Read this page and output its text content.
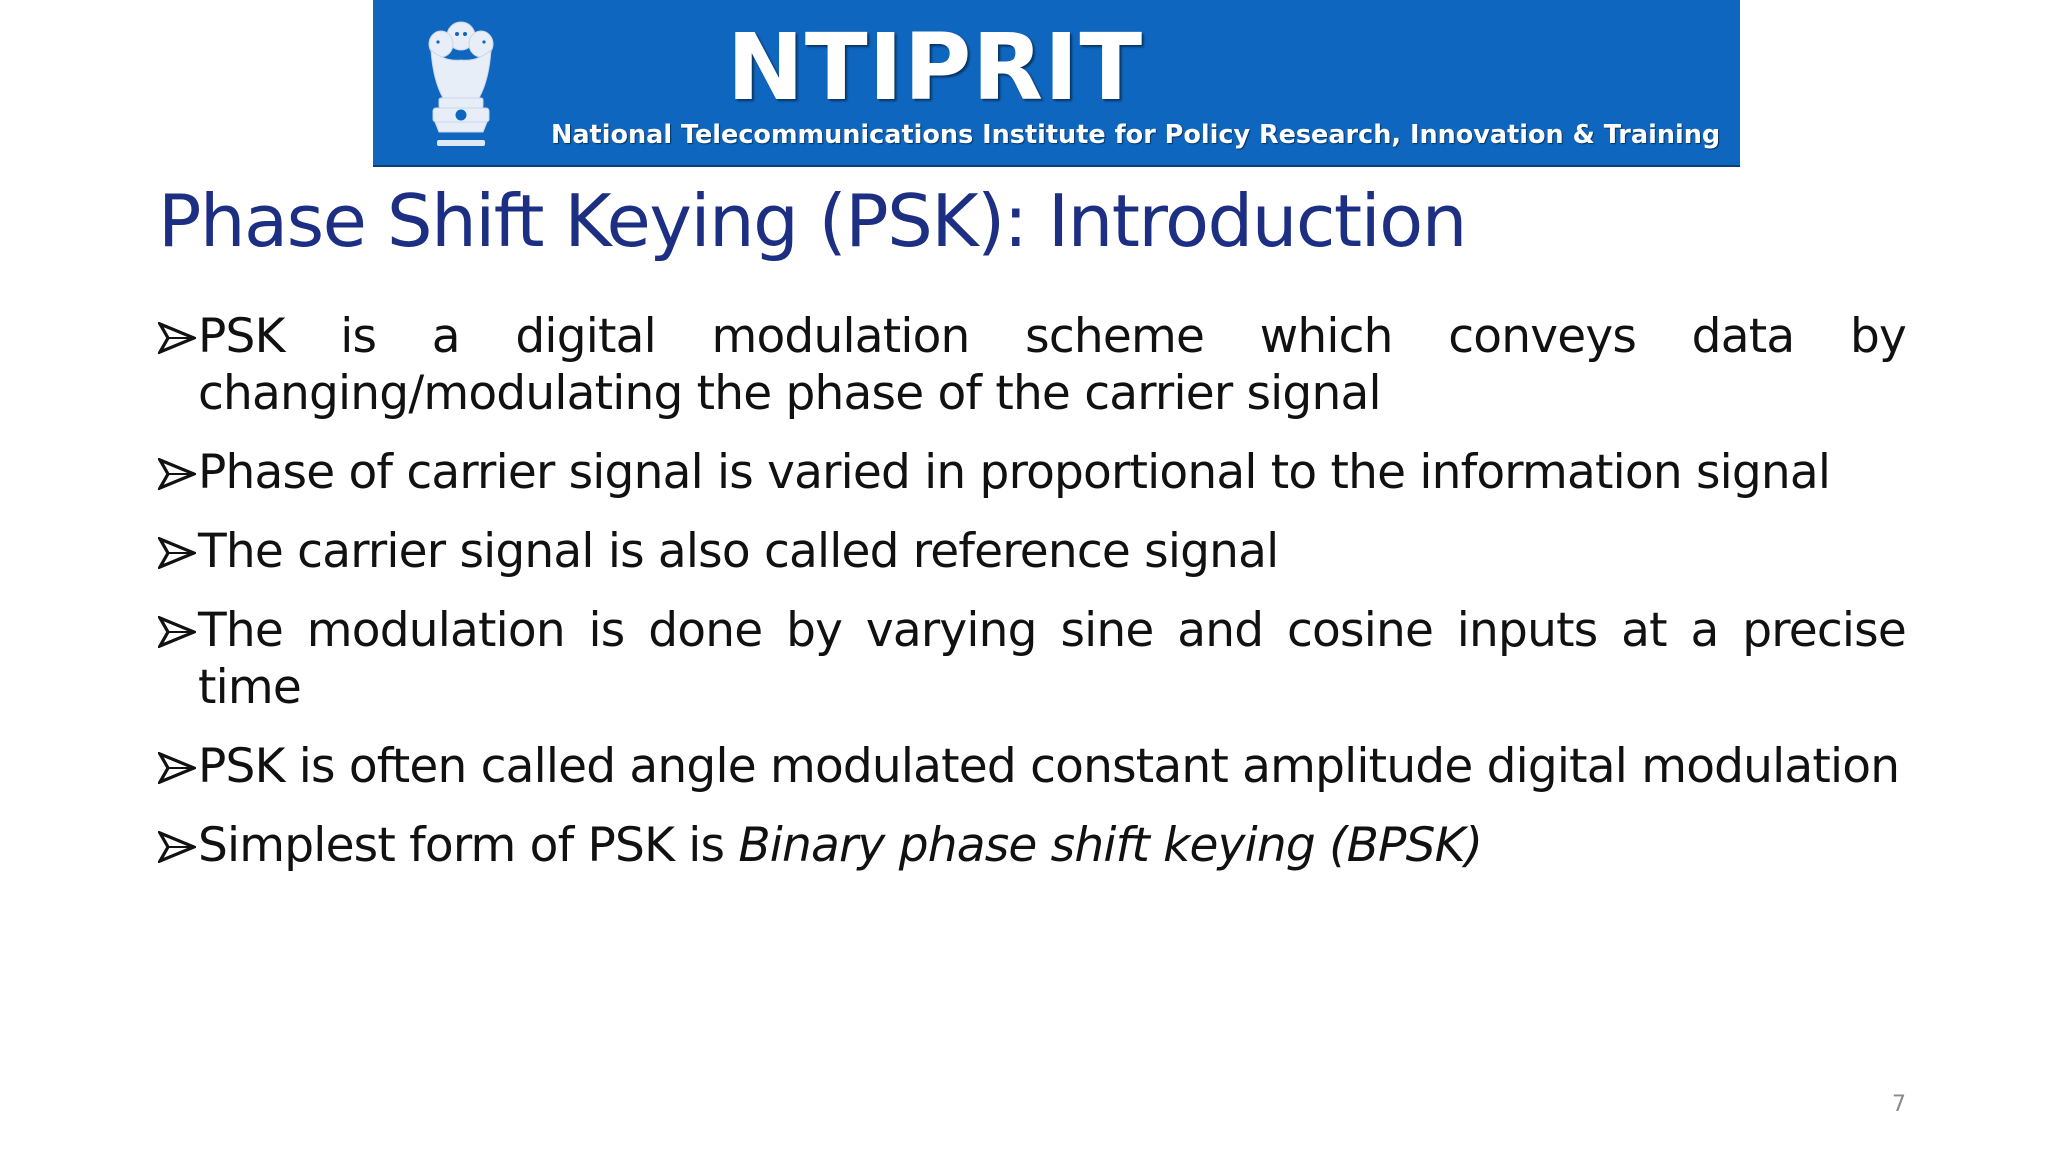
NTIPRIT
National Telecommunications Institute for Policy Research, Innovation & Training
Phase Shift Keying (PSK): Introduction
PSK is a digital modulation scheme which conveys data by changing/modulating the phase of the carrier signal
Phase of carrier signal is varied in proportional to the information signal
The carrier signal is also called reference signal
The modulation is done by varying sine and cosine inputs at a precise time
PSK is often called angle modulated constant amplitude digital modulation
Simplest form of PSK is Binary phase shift keying (BPSK)
7
